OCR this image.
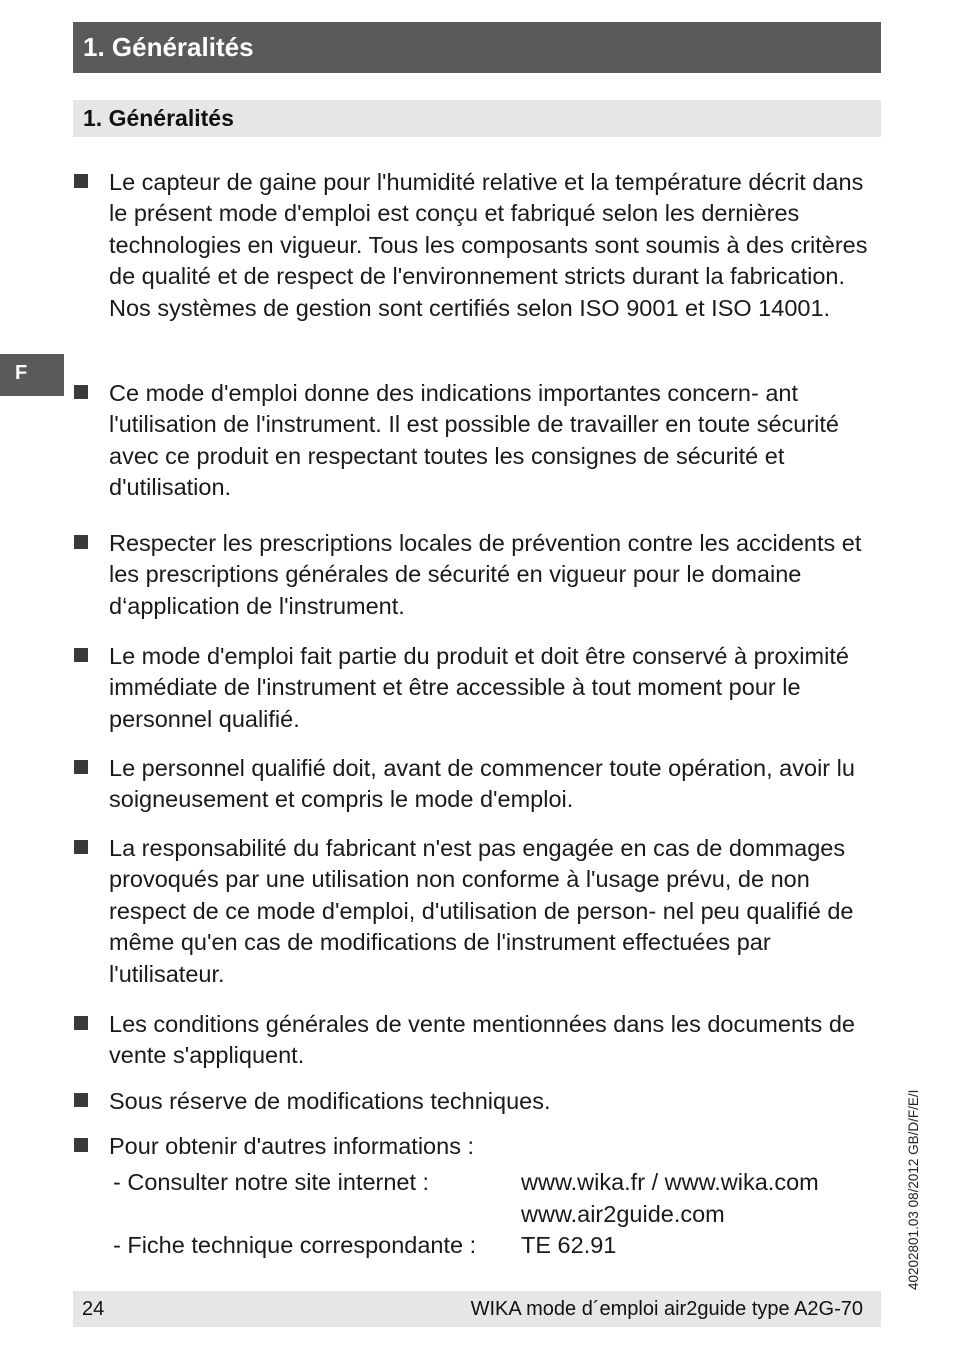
1. Généralités
1. Généralités
F
Le capteur de gaine pour l'humidité relative et la température décrit dans le présent mode d'emploi est conçu et fabriqué selon les dernières technologies en vigueur. Tous les composants sont soumis à des critères de qualité et de respect de l'environnement stricts durant la fabrication. Nos systèmes de gestion sont certifiés selon ISO 9001 et ISO 14001.
Ce mode d'emploi donne des indications importantes concern- ant l'utilisation de l'instrument. Il est possible de travailler en toute sécurité avec ce produit en respectant toutes les consignes de sécurité et d'utilisation.
Respecter les prescriptions locales de prévention contre les accidents et les prescriptions générales de sécurité en vigueur pour le domaine d‘application de l'instrument.
Le mode d'emploi fait partie du produit et doit être conservé à proximité immédiate de l'instrument et être accessible à tout moment pour le personnel qualifié.
Le personnel qualifié doit, avant de commencer toute opération, avoir lu soigneusement et compris le mode d'emploi.
La responsabilité du fabricant n'est pas engagée en cas de dommages provoqués par une utilisation non conforme à l'usage prévu, de non respect de ce mode d'emploi, d'utilisation de person- nel peu qualifié de même qu'en cas de modifications de l'instrument effectuées par l'utilisateur.
Les conditions générales de vente mentionnées dans les documents de vente s'appliquent.
Sous réserve de modifications techniques.
Pour obtenir d'autres informations :
- Consulter notre site internet :	www.wika.fr / www.wika.com
www.air2guide.com
- Fiche technique correspondante : TE 62.91
24	WIKA mode d´emploi air2guide type A2G-70
40202801.03 08/2012 GB/D/F/E/I
